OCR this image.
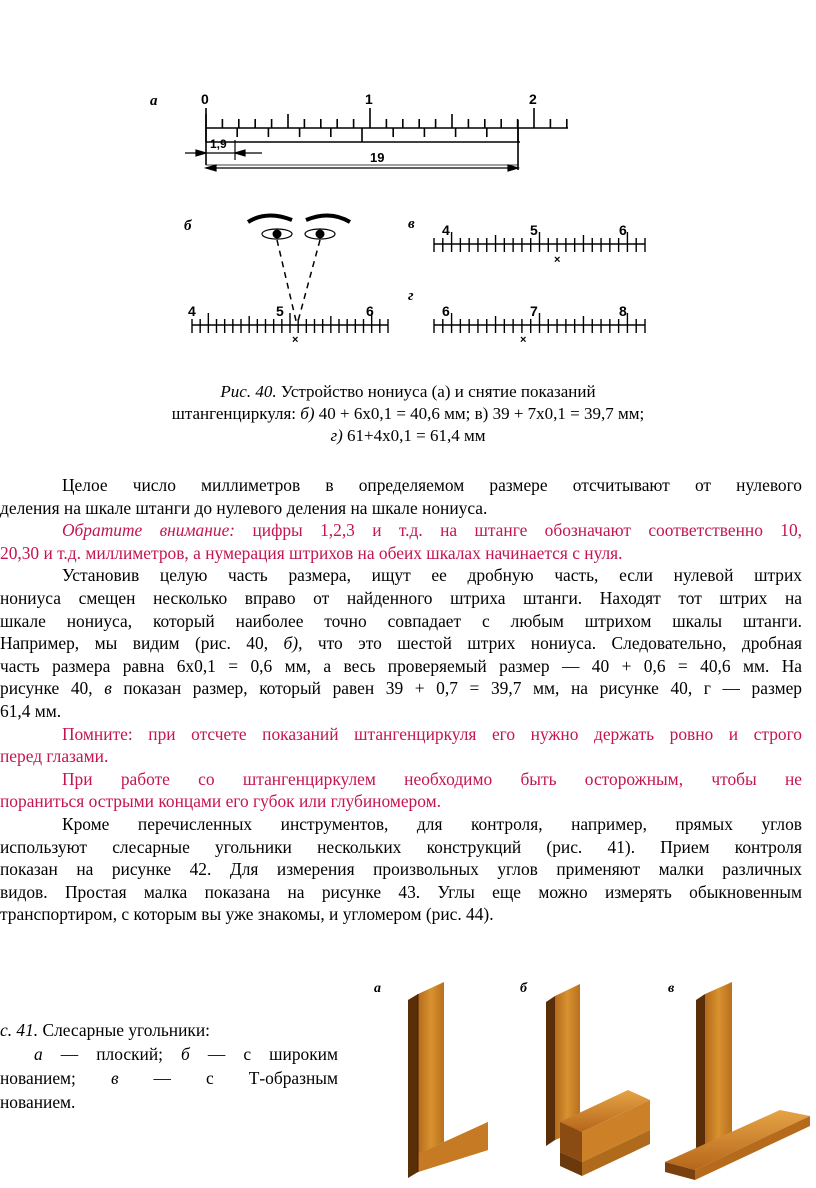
а	0	1	2
1,9
19
б
4	5	6
×
в 4	5	6
×
г
6	7	8
×
Рис. 40. Устройство нониуса (а) и снятие показаний
штангенциркуля: б) 40 + 6х0,1 = 40,6 мм; в) 39 + 7х0,1 = 39,7 мм;
г) 61+4х0,1 = 61,4 мм
Целое число миллиметров в определяемом размере отсчитывают от нулевого
деления на шкале штанги до нулевого деления на шкале нониуса.
Обратите внимание: цифры 1,2,3 и т.д. на штанге обозначают соответственно 10,
20,30 и т.д. миллиметров, а нумерация штрихов на обеих шкалах начинается с нуля.
Установив целую часть размера, ищут ее дробную часть, если нулевой штрих
нониуса смещен несколько вправо от найденного штриха штанги. Находят тот штрих на
шкале нониуса, который наиболее точно совпадает с любым штрихом шкалы штанги.
Например, мы видим (рис. 40, б), что это шестой штрих нониуса. Следовательно, дробная
часть размера равна 6х0,1 = 0,6 мм, а весь проверяемый размер — 40 + 0,6 = 40,6 мм. На
рисунке 40, в показан размер, который равен 39 + 0,7 = 39,7 мм, на рисунке 40, г — размер
61,4 мм.
Помните: при отсчете показаний штангенциркуля его нужно держать ровно и строго
перед глазами.
При работе со штангенциркулем необходимо быть осторожным, чтобы не
пораниться острыми концами его губок или глубиномером.
Кроме перечисленных инструментов, для контроля, например, прямых углов
используют слесарные угольники нескольких конструкций (рис. 41). Прием контроля
показан на рисунке 42. Для измерения произвольных углов применяют малки различных
видов. Простая малка показана на рисунке 43. Углы еще можно измерять обыкновенным
транспортиром, с которым вы уже знакомы, и угломером (рис. 44).
с. 41. Слесарные угольники:
а — плоский; б — с широким
нованием; в — с Т-образным
нованием.
а	б	в
